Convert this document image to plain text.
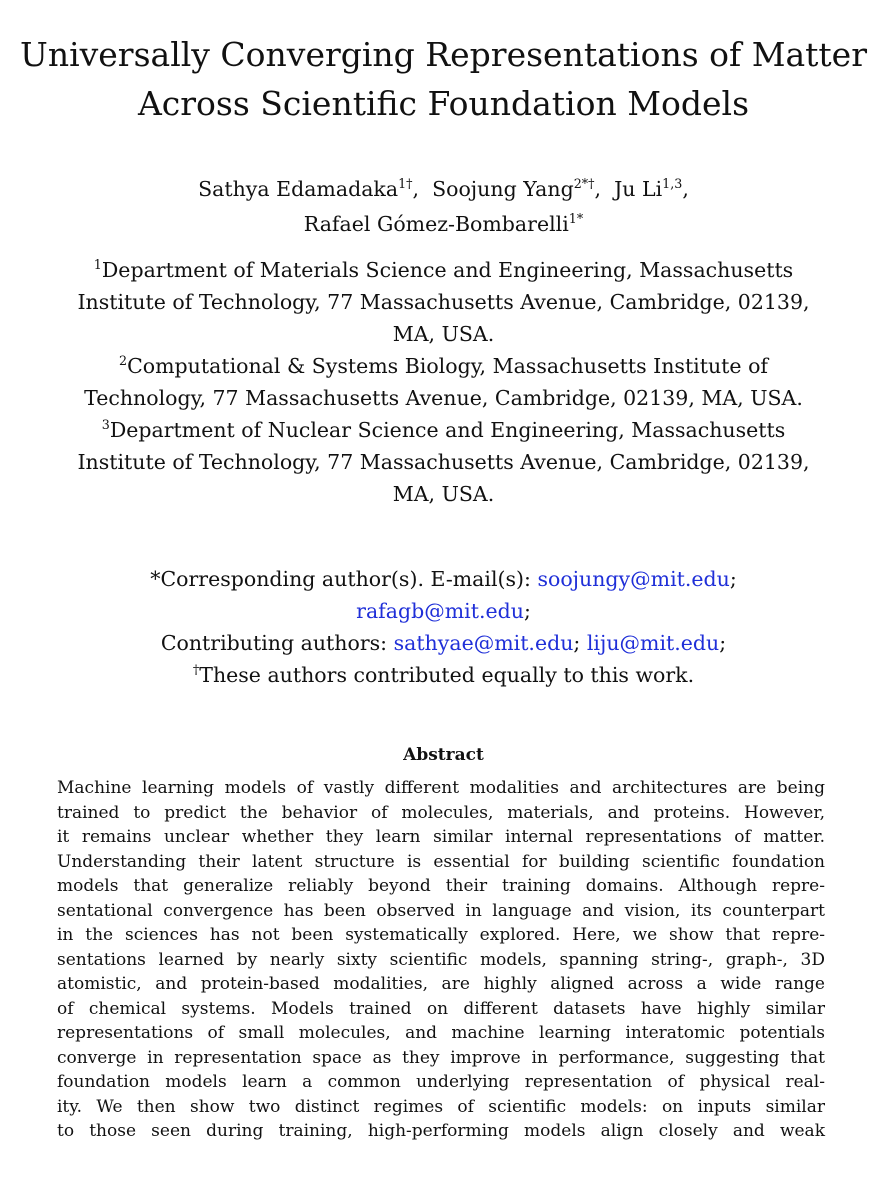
Universally Converging Representations of Matter
Across Scientific Foundation Models
Sathya Edamadaka$^{1\dagger}$,  Soojung Yang$^{2*\dagger}$,  Ju Li$^{1,3}$,
Rafael Gómez-Bombarelli$^{1*}$
$^1$Department of Materials Science and Engineering, Massachusetts
Institute of Technology, 77 Massachusetts Avenue, Cambridge, 02139,
MA, USA.
$^2$Computational & Systems Biology, Massachusetts Institute of
Technology, 77 Massachusetts Avenue, Cambridge, 02139, MA, USA.
$^3$Department of Nuclear Science and Engineering, Massachusetts
Institute of Technology, 77 Massachusetts Avenue, Cambridge, 02139,
MA, USA.
*Corresponding author(s). E-mail(s): soojungy@mit.edu;
rafagb@mit.edu;
Contributing authors: sathyae@mit.edu; liju@mit.edu;
†These authors contributed equally to this work.
Abstract
Machine learning models of vastly different modalities and architectures are being
trained to predict the behavior of molecules, materials, and proteins. However,
it remains unclear whether they learn similar internal representations of matter.
Understanding their latent structure is essential for building scientific foundation
models that generalize reliably beyond their training domains. Although repre-
sentational convergence has been observed in language and vision, its counterpart
in the sciences has not been systematically explored. Here, we show that repre-
sentations learned by nearly sixty scientific models, spanning string-, graph-, 3D
atomistic, and protein-based modalities, are highly aligned across a wide range
of chemical systems. Models trained on different datasets have highly similar
representations of small molecules, and machine learning interatomic potentials
converge in representation space as they improve in performance, suggesting that
foundation models learn a common underlying representation of physical real-
ity. We then show two distinct regimes of scientific models: on inputs similar
to those seen during training, high-performing models align closely and weak
